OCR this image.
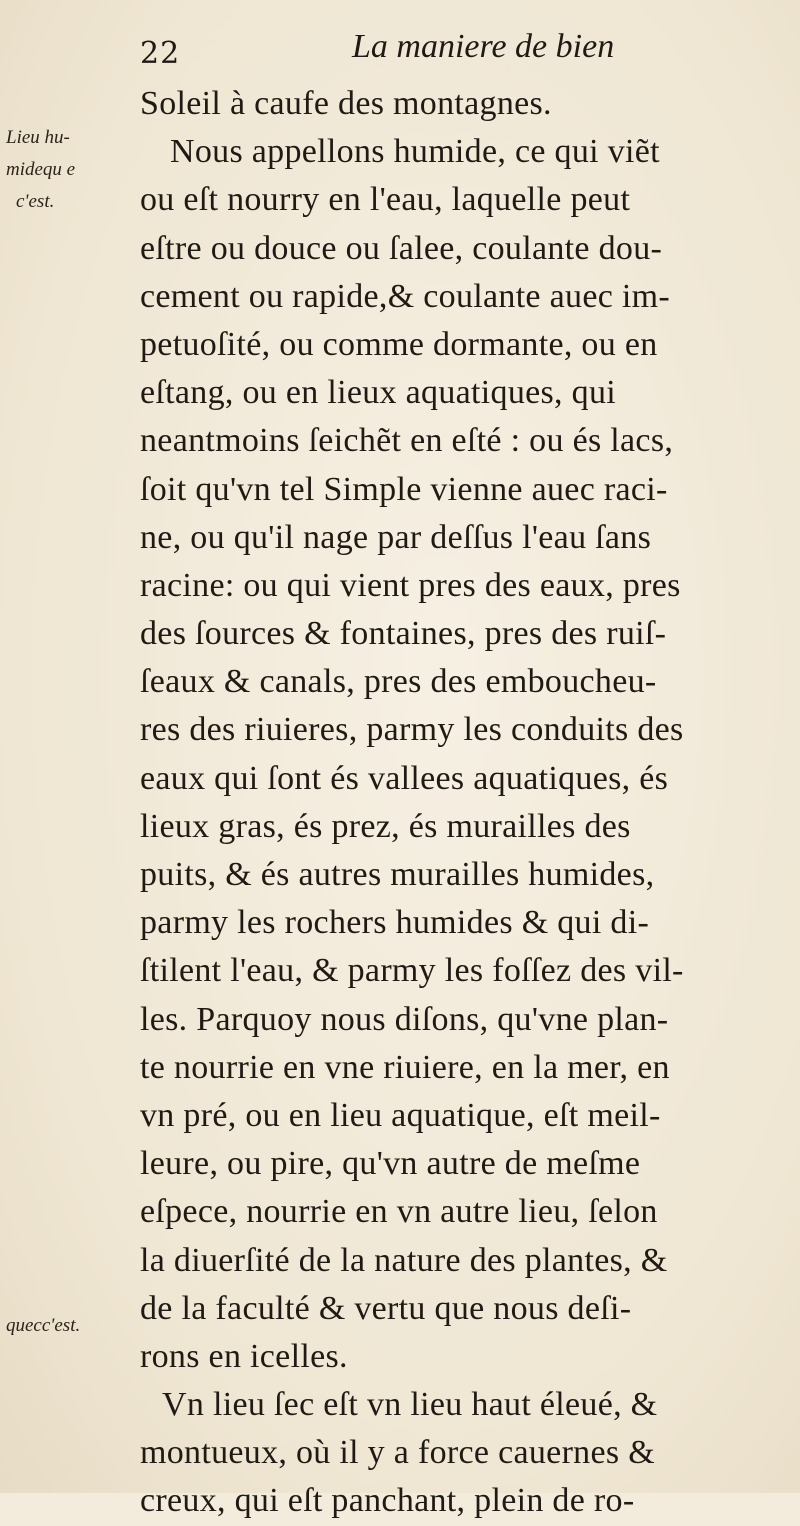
22	La maniere de bien
Lieu hu-
midequ e
c'est.
quecc'est.
Soleil à caufe des montagnes.
Nous appellons humide, ce qui viẽt
ou eſt nourry en l'eau, laquelle peut
eſtre ou douce ou ſalee, coulante dou-
cement ou rapide,& coulante auec im-
petuoſité, ou comme dormante, ou en
eſtang, ou en lieux aquatiques, qui
neantmoins ſeichẽt en eſté : ou és lacs,
ſoit qu'vn tel Simple vienne auec raci-
ne, ou qu'il nage par deſſus l'eau ſans
racine: ou qui vient pres des eaux, pres
des ſources & fontaines, pres des ruiſ-
ſeaux & canals, pres des emboucheu-
res des riuieres, parmy les conduits des
eaux qui ſont és vallees aquatiques, és
lieux gras, és prez, és murailles des
puits, & és autres murailles humides,
parmy les rochers humides & qui di-
ſtilent l'eau, & parmy les foſſez des vil-
les. Parquoy nous diſons, qu'vne plan-
te nourrie en vne riuiere, en la mer, en
vn pré, ou en lieu aquatique, eſt meil-
leure, ou pire, qu'vn autre de meſme
eſpece, nourrie en vn autre lieu, ſelon
la diuerſité de la nature des plantes, &
de la faculté & vertu que nous deſi-
rons en icelles.
Vn lieu ſec eſt vn lieu haut éleué, &
montueux, où il y a force cauernes &
creux, qui eſt panchant, plein de ro-
